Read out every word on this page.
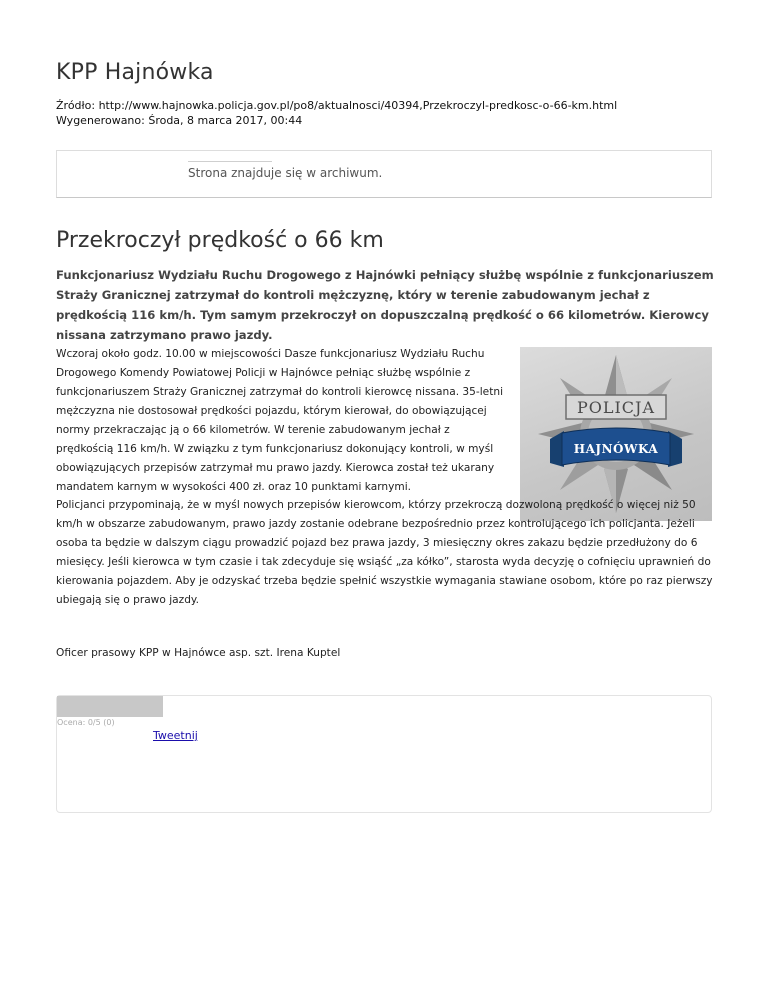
KPP Hajnówka
Źródło: http://www.hajnowka.policja.gov.pl/po8/aktualnosci/40394,Przekroczyl-predkosc-o-66-km.html
Wygenerowano: Środa, 8 marca 2017, 00:44
Strona znajduje się w archiwum.
Przekroczył prędkość o 66 km

Funkcjonariusz Wydziału Ruchu Drogowego z Hajnówki pełniący służbę wspólnie z funkcjonariuszem Straży Granicznej zatrzymał do kontroli mężczyznę, który w terenie zabudowanym jechał z prędkością 116 km/h. Tym samym przekroczył on dopuszczalną prędkość o 66 kilometrów. Kierowcy nissana zatrzymano prawo jazdy.

Wczoraj około godz. 10.00 w miejscowości Dasze funkcjonariusz Wydziału Ruchu Drogowego Komendy Powiatowej Policji w Hajnówce pełniąc służbę wspólnie z funkcjonariuszem Straży Granicznej zatrzymał do kontroli kierowcę nissana. 35-letni mężczyzna nie dostosował prędkości pojazdu, którym kierował, do obowiązującej normy przekraczając ją o 66 kilometrów. W terenie zabudowanym jechał z prędkością 116 km/h. W związku z tym funkcjonariusz dokonujący kontroli, w myśl obowiązujących przepisów zatrzymał mu prawo jazdy. Kierowca został też ukarany mandatem karnym w wysokości 400 zł. oraz 10 punktami karnymi.

POLICJA
HAJNÓWKA

Policjanci przypominają, że w myśl nowych przepisów kierowcom, którzy przekroczą dozwoloną prędkość o więcej niż 50 km/h w obszarze zabudowanym, prawo jazdy zostanie odebrane bezpośrednio przez kontrolującego ich policjanta. Jeżeli osoba ta będzie w dalszym ciągu prowadzić pojazd bez prawa jazdy, 3 miesięczny okres zakazu będzie przedłużony do 6 miesięcy. Jeśli kierowca w tym czasie i tak zdecyduje się wsiąść „za kółko”, starosta wyda decyzję o cofnięciu uprawnień do kierowania pojazdem. Aby je odzyskać trzeba będzie spełnić wszystkie wymagania stawiane osobom, które po raz pierwszy ubiegają się o prawo jazdy.

Oficer prasowy KPP w Hajnówce asp. szt. Irena Kuptel

Ocena: 0/5 (0)
Tweetnij
